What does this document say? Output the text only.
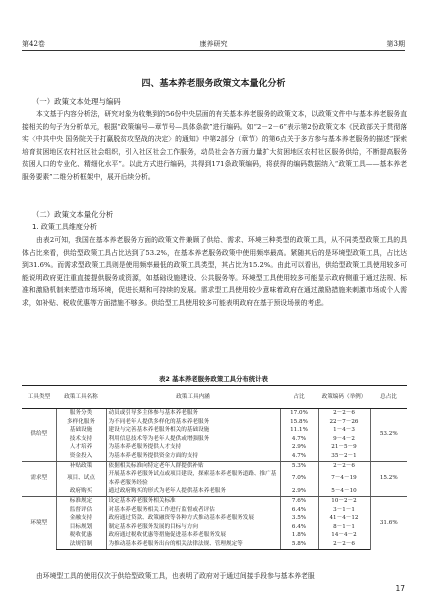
第42卷	康养研究	第3期
四、基本养老服务政策文本量化分析
（一）政策文本处理与编码

本文基于内容分析法，研究对象为收集到的56份中央层面的有关基本养老服务的政策文本，以政策文件中与基本养老服务直接相关的句子为分析单元，根据“政策编号—章节号—具体条款”进行编码。如“2－2－6”表示第2份政策文本《民政部关于贯彻落实〈中共中央 国务院关于打赢脱贫攻坚战的决定〉的通知》中第2部分（章节）的第6点关于多方参与基本养老服务的描述“探索培育贫困地区农村社区社会组织，引入社区社会工作服务，动员社会各方面力量扩大贫困地区农村社区服务供给，不断提高服务贫困人口的专业化、精细化水平”。以此方式进行编码，共得到171条政策编码，将获得的编码数据纳入“政策工具——基本养老服务要素”二维分析框架中，展开后续分析。

（二）政策文本量化分析
1. 政策工具维度分析

由表2可知，我国在基本养老服务方面的政策文件兼顾了供给、需求、环境三种类型的政策工具，从不同类型政策工具的具体占比来看，供给型政策工具占比达到了53.2%，在基本养老服务政策中使用频率最高。紧随其后的是环境型政策工具，占比达到31.6%。而需求型政策工具则是使用频率最低的政策工具类型，其占比为15.2%。由此可以看出，供给型政策工具使用较多可能说明政府更注重直接提供服务或资源，如基础设施建设、公共服务等。环境型工具使用较多可能显示政府侧重于通过法规、标准和激励机制来塑造市场环境，促进长期和可持续的发展。需求型工具使用较少意味着政府在通过激励措施来刺激市场或个人需求，如补贴、税收优惠等方面措施不够多。供给型工具使用较多可能表明政府在基于预设场景的考虑。

表2 基本养老服务政策工具分布统计表
工具类型	政策工具名称	政策工具内涵	占比	政策编码（举例）	总占比
供给型	服务分类	动员或引导多主体参与基本养老服务	17.0%	2－2－6	53.2%
	多样化服务	为不同老年人提供多样化的基本养老服务	15.8%	22－7－26	
	基础设施	建设与完善基本养老服务相关的基础设施	11.1%	1－4－3	
	技术支持	利用信息技术等为老年人提供或增强服务	4.7%	9－4－2	
	人才培养	为基本养老服务提供人才支持	2.9%	21－5－9	
	资金投入	为基本养老服务提供资金方面的支持	4.7%	35－2－1	
需求型	补贴政策	依据相关标准向特定老年人群提供补贴	5.3%	2－2－6	15.2%
	项目、试点	开展基本养老服务试点或项目建设，探索基本养老服务道路、推广基本养老服务经验	7.0%	7－4－19	
	政府购买	通过政府购买的形式为老年人提供基本养老服务	2.9%	5－4－10	
环境型	标准规定	设定基本养老服务相关标准	7.6%	10－2－2	31.6%
	监督评估	对基本养老服务相关工作进行监督或者评估	6.4%	3－1－1	
	金融支持	政府通过贷款、政策融资等各种方式推动基本养老服务发展	3.5%	41－4－12	
	目标规划	制定基本养老服务发展的目标与方向	6.4%	8－1－1	
	税收优惠	政府通过税收优惠等措施促进基本养老服务发展	1.8%	14－4－2	
	法规管制	为推动基本养老服务出台的相关法律法规、管理规定等	5.8%	2－2－6	

由环境型工具的使用仅次于供给型政策工具，也表明了政府对于通过间接手段参与基本养老服

17
